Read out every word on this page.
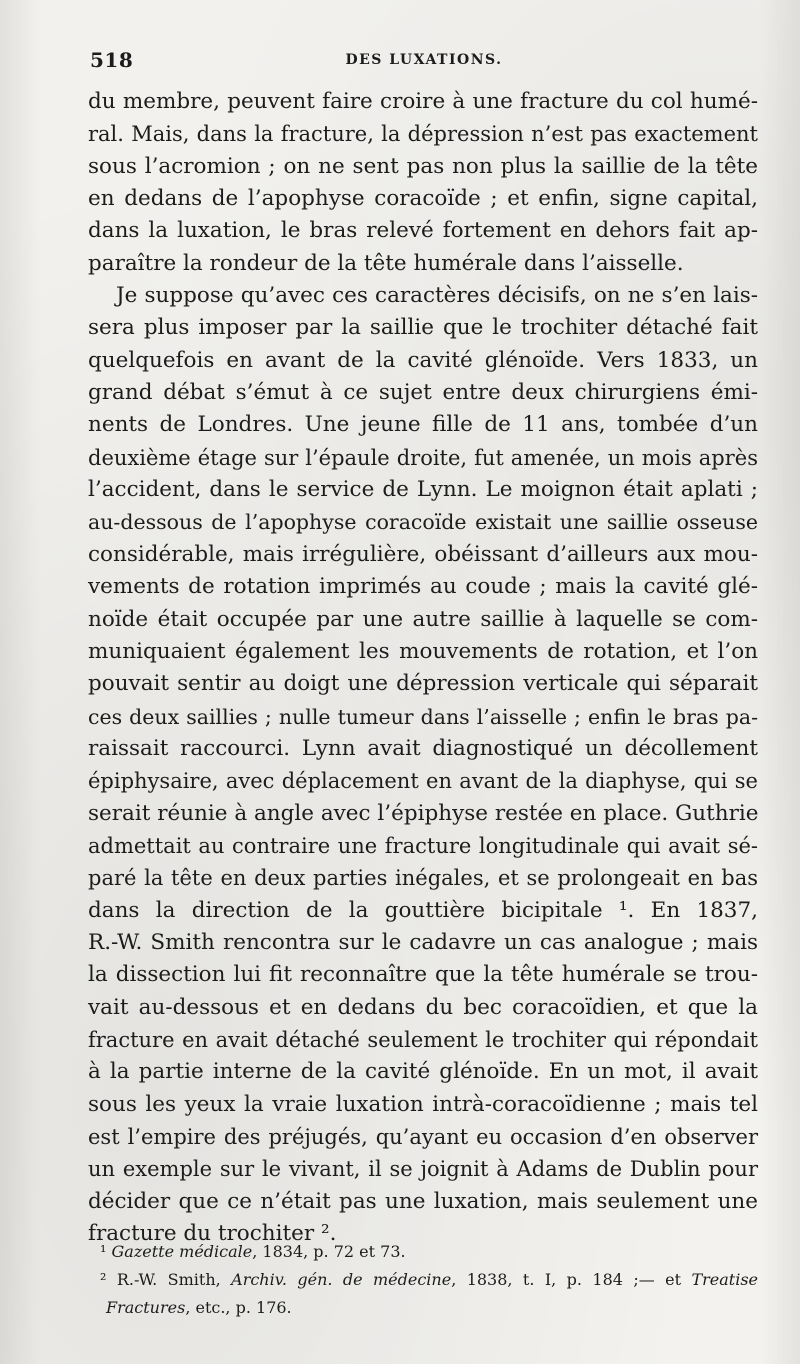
518	DES LUXATIONS.
du membre, peuvent faire croire à une fracture du col humé-
ral. Mais, dans la fracture, la dépression n’est pas exactement
sous l’acromion ; on ne sent pas non plus la saillie de la tête
en dedans de l’apophyse coracoïde ; et enfin, signe capital,
dans la luxation, le bras relevé fortement en dehors fait ap-
paraître la rondeur de la tête humérale dans l’aisselle.
Je suppose qu’avec ces caractères décisifs, on ne s’en lais-
sera plus imposer par la saillie que le trochiter détaché fait
quelquefois en avant de la cavité glénoïde. Vers 1833, un
grand débat s’émut à ce sujet entre deux chirurgiens émi-
nents de Londres. Une jeune fille de 11 ans, tombée d’un
deuxième étage sur l’épaule droite, fut amenée, un mois après
l’accident, dans le service de Lynn. Le moignon était aplati ;
au-dessous de l’apophyse coracoïde existait une saillie osseuse
considérable, mais irrégulière, obéissant d’ailleurs aux mou-
vements de rotation imprimés au coude ; mais la cavité glé-
noïde était occupée par une autre saillie à laquelle se com-
muniquaient également les mouvements de rotation, et l’on
pouvait sentir au doigt une dépression verticale qui séparait
ces deux saillies ; nulle tumeur dans l’aisselle ; enfin le bras pa-
raissait raccourci. Lynn avait diagnostiqué un décollement
épiphysaire, avec déplacement en avant de la diaphyse, qui se
serait réunie à angle avec l’épiphyse restée en place. Guthrie
admettait au contraire une fracture longitudinale qui avait sé-
paré la tête en deux parties inégales, et se prolongeait en bas
dans la direction de la gouttière bicipitale ¹. En 1837,
R.-W. Smith rencontra sur le cadavre un cas analogue ; mais
la dissection lui fit reconnaître que la tête humérale se trou-
vait au-dessous et en dedans du bec coracoïdien, et que la
fracture en avait détaché seulement le trochiter qui répondait
à la partie interne de la cavité glénoïde. En un mot, il avait
sous les yeux la vraie luxation intrà-coracoïdienne ; mais tel
est l’empire des préjugés, qu’ayant eu occasion d’en observer
un exemple sur le vivant, il se joignit à Adams de Dublin pour
décider que ce n’était pas une luxation, mais seulement une
fracture du trochiter ².
¹ Gazette médicale, 1834, p. 72 et 73.
² R.-W. Smith, Archiv. gén. de médecine, 1838, t. I, p. 184 ;— et Treatise
Fractures, etc., p. 176.
